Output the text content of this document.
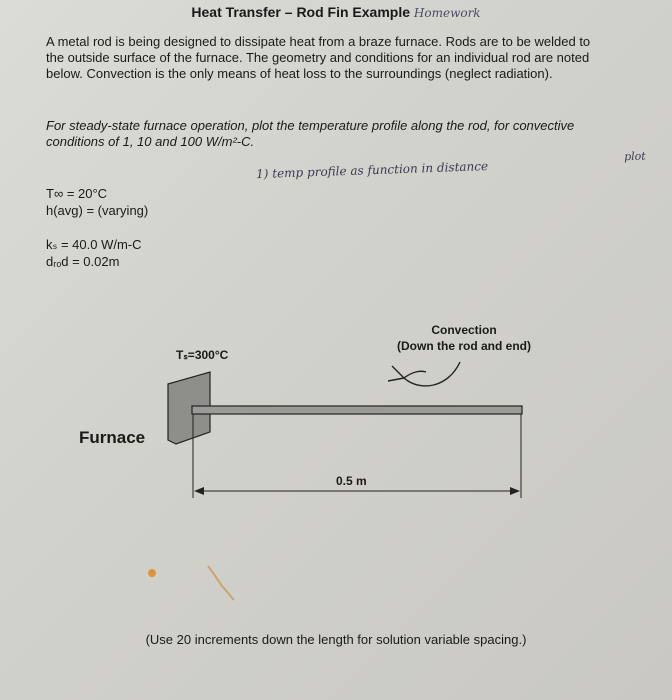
Heat Transfer – Rod Fin Example Homework
A metal rod is being designed to dissipate heat from a braze furnace. Rods are to be welded to the outside surface of the furnace. The geometry and conditions for an individual rod are noted below. Convection is the only means of heat loss to the surroundings (neglect radiation).
For steady-state furnace operation, plot the temperature profile along the rod, for convective conditions of 1, 10 and 100 W/m²-C.
1) temp profile as function in distance
plot
T∞ = 20°C
h(avg) = (varying)
kₛ = 40.0 W/m-C
dᵣₒd = 0.02m
Tₛ=300°C
Convection
(Down the rod and end)
Furnace
0.5 m
(Use 20 increments down the length for solution variable spacing.)
